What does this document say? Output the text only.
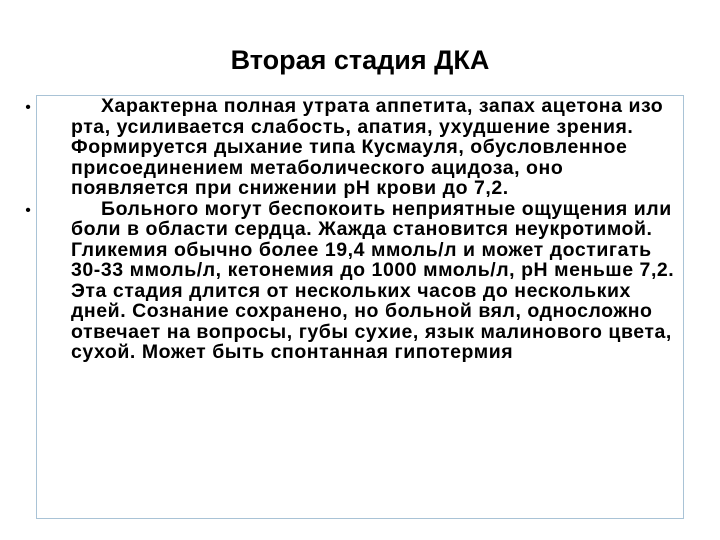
Вторая стадия ДКА
•	Характерна полная утрата аппетита, запах ацетона изо рта, усиливается слабость, апатия, ухудшение зрения. Формируется дыхание типа Кусмауля, обусловленное присоединением метаболического ацидоза, оно появляется при снижении рН крови до 7,2.
•	Больного могут беспокоить неприятные ощущения или боли в области сердца. Жажда становится неукротимой. Гликемия обычно более 19,4 ммоль/л и может достигать 30-33 ммоль/л, кетонемия до 1000 ммоль/л, рН меньше 7,2. Эта стадия длится от нескольких часов до нескольких дней. Сознание сохранено, но больной вял, односложно отвечает на вопросы, губы сухие, язык малинового цвета, сухой. Может быть спонтанная гипотермия
